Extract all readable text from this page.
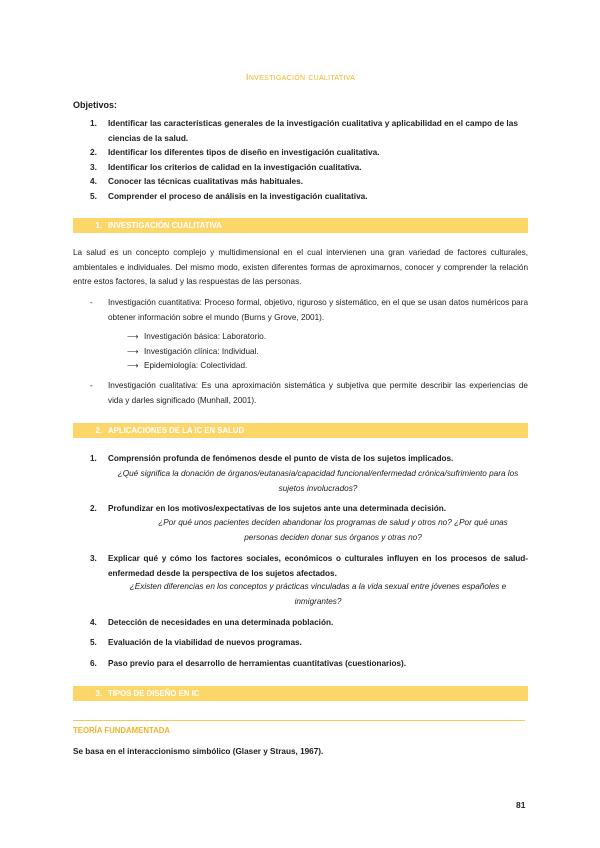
Investigación cualitativa
Objetivos:
1. Identificar las características generales de la investigación cualitativa y aplicabilidad en el campo de las ciencias de la salud.
2. Identificar los diferentes tipos de diseño en investigación cualitativa.
3. Identificar los criterios de calidad en la investigación cualitativa.
4. Conocer las técnicas cualitativas más habituales.
5. Comprender el proceso de análisis en la investigación cualitativa.
1. INVESTIGACIÓN CUALITATIVA
La salud es un concepto complejo y multidimensional en el cual intervienen una gran variedad de factores culturales, ambientales e individuales. Del mismo modo, existen diferentes formas de aproximarnos, conocer y comprender la relación entre estos factores, la salud y las respuestas de las personas.
- Investigación cuantitativa: Proceso formal, objetivo, riguroso y sistemático, en el que se usan datos numéricos para obtener información sobre el mundo (Burns y Grove, 2001).
⟶ Investigación básica: Laboratorio.
⟶ Investigación clínica: Individual.
⟶ Epidemiología: Colectividad.
- Investigación cualitativa: Es una aproximación sistemática y subjetiva que permite describir las experiencias de vida y darles significado (Munhall, 2001).
2. APLICACIONES DE LA IC EN SALUD
1. Comprensión profunda de fenómenos desde el punto de vista de los sujetos implicados.
¿Qué significa la donación de órganos/eutanasia/capacidad funcional/enfermedad crónica/sufrimiento para los sujetos involucrados?
2. Profundizar en los motivos/expectativas de los sujetos ante una determinada decisión.
¿Por qué unos pacientes deciden abandonar los programas de salud y otros no? ¿Por qué unas personas deciden donar sus órganos y otras no?
3. Explicar qué y cómo los factores sociales, económicos o culturales influyen en los procesos de salud-enfermedad desde la perspectiva de los sujetos afectados.
¿Existen diferencias en los conceptos y prácticas vinculadas a la vida sexual entre jóvenes españoles e inmigrantes?
4. Detección de necesidades en una determinada población.
5. Evaluación de la viabilidad de nuevos programas.
6. Paso previo para el desarrollo de herramientas cuantitativas (cuestionarios).
3. TIPOS DE DISEÑO EN IC
TEORÍA FUNDAMENTADA
Se basa en el interaccionismo simbólico (Glaser y Straus, 1967).
81
